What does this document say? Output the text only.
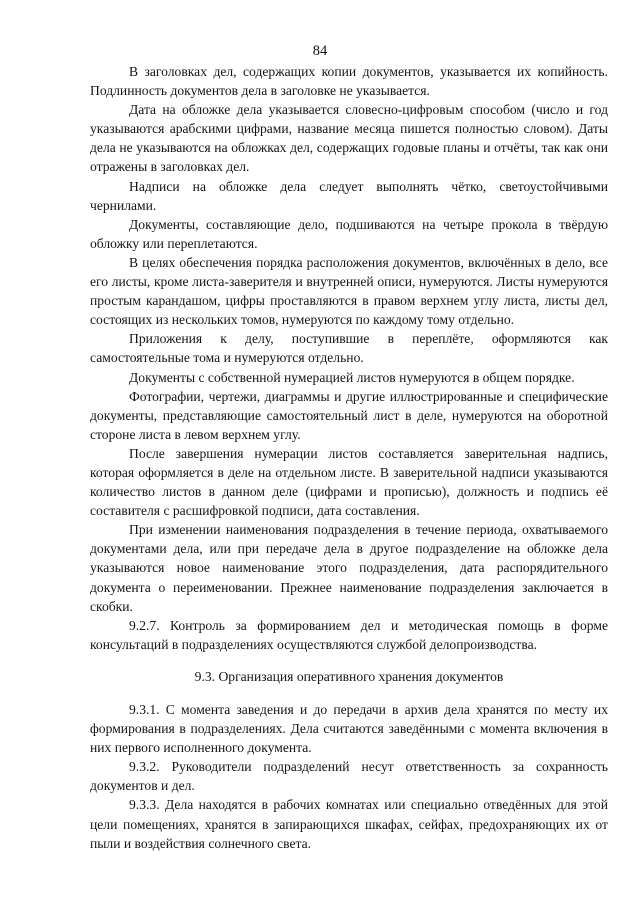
84

В заголовках дел, содержащих копии документов, указывается их копийность. Подлинность документов дела в заголовке не указывается.

Дата на обложке дела указывается словесно-цифровым способом (число и год указываются арабскими цифрами, название месяца пишется полностью словом). Даты дела не указываются на обложках дел, содержащих годовые планы и отчёты, так как они отражены в заголовках дел.

Надписи на обложке дела следует выполнять чётко, светоустойчивыми чернилами.

Документы, составляющие дело, подшиваются на четыре прокола в твёрдую обложку или переплетаются.

В целях обеспечения порядка расположения документов, включённых в дело, все его листы, кроме листа-заверителя и внутренней описи, нумеруются. Листы нумеруются простым карандашом, цифры проставляются в правом верхнем углу листа, листы дел, состоящих из нескольких томов, нумеруются по каждому тому отдельно.

Приложения к делу, поступившие в переплёте, оформляются как самостоятельные тома и нумеруются отдельно.

Документы с собственной нумерацией листов нумеруются в общем порядке.

Фотографии, чертежи, диаграммы и другие иллюстрированные и специфические документы, представляющие самостоятельный лист в деле, нумеруются на оборотной стороне листа в левом верхнем углу.

После завершения нумерации листов составляется заверительная надпись, которая оформляется в деле на отдельном листе. В заверительной надписи указываются количество листов в данном деле (цифрами и прописью), должность и подпись её составителя с расшифровкой подписи, дата составления.

При изменении наименования подразделения в течение периода, охватываемого документами дела, или при передаче дела в другое подразделение на обложке дела указываются новое наименование этого подразделения, дата распорядительного документа о переименовании. Прежнее наименование подразделения заключается в скобки.

9.2.7. Контроль за формированием дел и методическая помощь в форме консультаций в подразделениях осуществляются службой делопроизводства.

9.3. Организация оперативного хранения документов

9.3.1. С момента заведения и до передачи в архив дела хранятся по месту их формирования в подразделениях. Дела считаются заведёнными с момента включения в них первого исполненного документа.

9.3.2. Руководители подразделений несут ответственность за сохранность документов и дел.

9.3.3. Дела находятся в рабочих комнатах или специально отведённых для этой цели помещениях, хранятся в запирающихся шкафах, сейфах, предохраняющих их от пыли и воздействия солнечного света.
